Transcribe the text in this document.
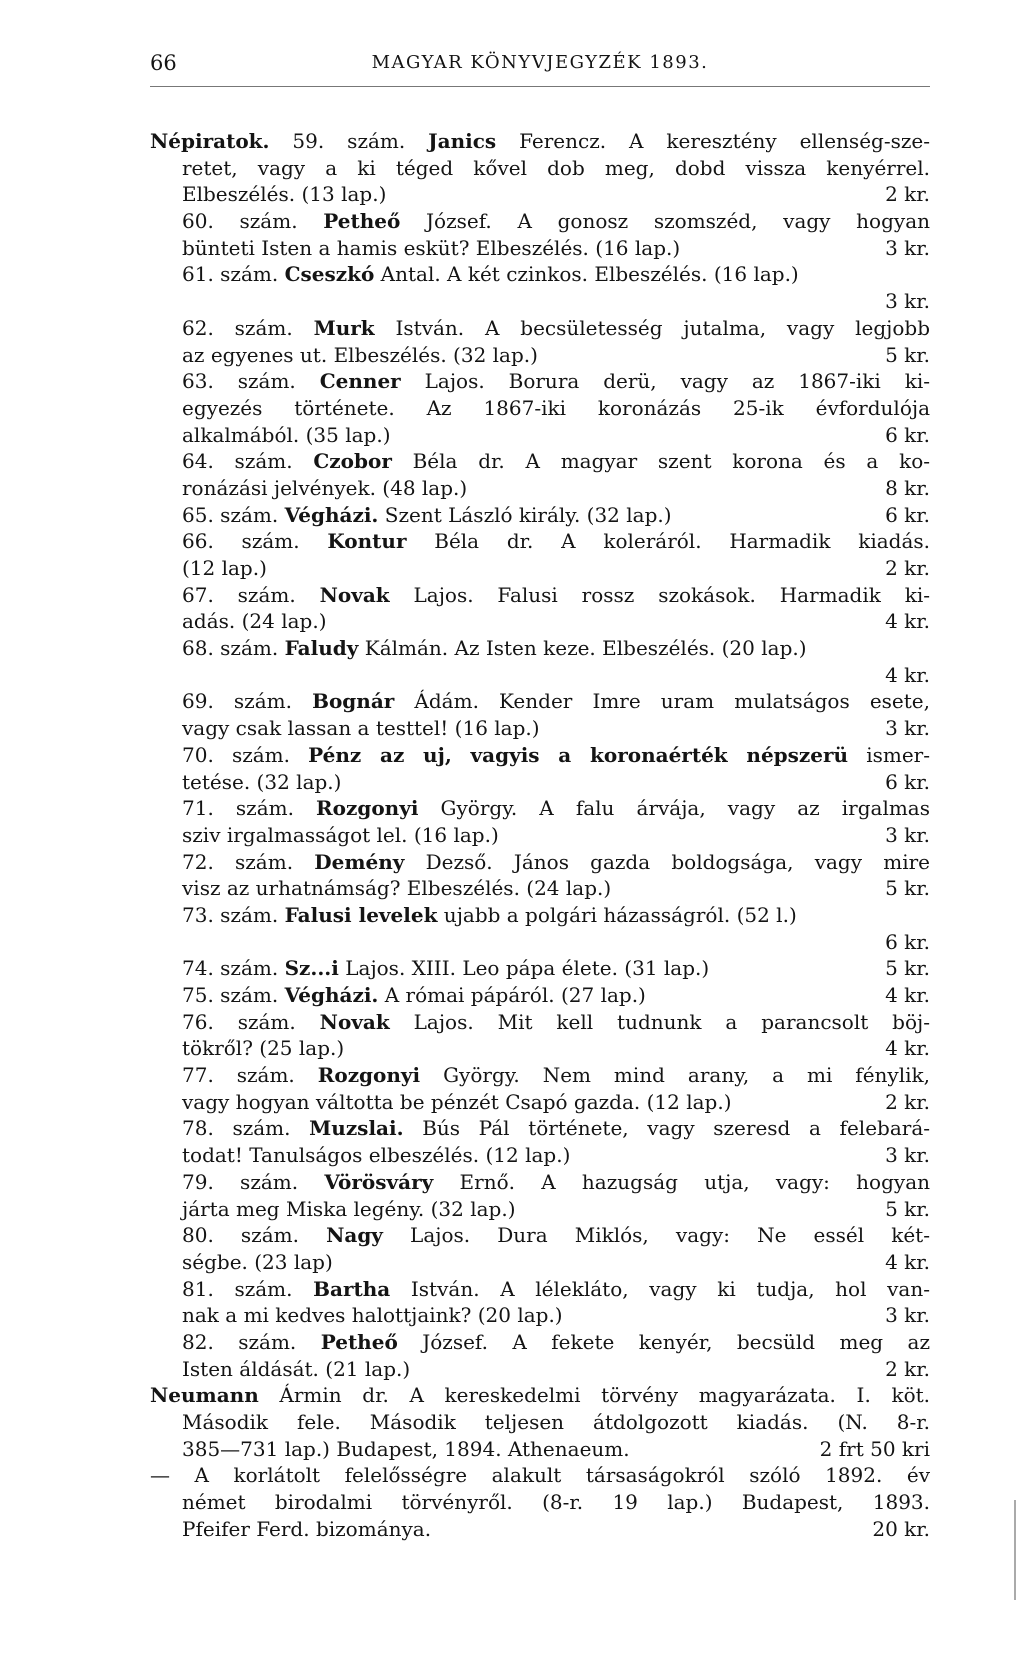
66	MAGYAR KÖNYVJEGYZÉK 1893.
Népiratok. 59. szám. Janics Ferencz. A keresztény ellenség-sze-
retet, vagy a ki téged kővel dob meg, dobd vissza kenyérrel.
Elbeszélés. (13 lap.)	2 kr.
60. szám. Petheő József. A gonosz szomszéd, vagy hogyan
bünteti Isten a hamis esküt? Elbeszélés. (16 lap.)	3 kr.
61. szám. Cseszkó Antal. A két czinkos. Elbeszélés. (16 lap.)
3 kr.
62. szám. Murk István. A becsületesség jutalma, vagy legjobb
az egyenes ut. Elbeszélés. (32 lap.)	5 kr.
63. szám. Cenner Lajos. Borura derü, vagy az 1867-iki ki-
egyezés története. Az 1867-iki koronázás 25-ik évfordulója
alkalmából. (35 lap.)	6 kr.
64. szám. Czobor Béla dr. A magyar szent korona és a ko-
ronázási jelvények. (48 lap.)	8 kr.
65. szám. Végházi. Szent László király. (32 lap.)	6 kr.
66. szám. Kontur Béla dr. A koleráról. Harmadik kiadás.
(12 lap.)	2 kr.
67. szám. Novak Lajos. Falusi rossz szokások. Harmadik ki-
adás. (24 lap.)	4 kr.
68. szám. Faludy Kálmán. Az Isten keze. Elbeszélés. (20 lap.)
4 kr.
69. szám. Bognár Ádám. Kender Imre uram mulatságos esete,
vagy csak lassan a testtel! (16 lap.)	3 kr.
70. szám. Pénz az uj, vagyis a koronaérték népszerü ismer-
tetése. (32 lap.)	6 kr.
71. szám. Rozgonyi György. A falu árvája, vagy az irgalmas
sziv irgalmasságot lel. (16 lap.)	3 kr.
72. szám. Demény Dezső. János gazda boldogsága, vagy mire
visz az urhatnámság? Elbeszélés. (24 lap.)	5 kr.
73. szám. Falusi levelek ujabb a polgári házasságról. (52 l.)
6 kr.
74. szám. Sz...i Lajos. XIII. Leo pápa élete. (31 lap.)	5 kr.
75. szám. Végházi. A római pápáról. (27 lap.)	4 kr.
76. szám. Novak Lajos. Mit kell tudnunk a parancsolt böj-
tökről? (25 lap.)	4 kr.
77. szám. Rozgonyi György. Nem mind arany, a mi fénylik,
vagy hogyan váltotta be pénzét Csapó gazda. (12 lap.)	2 kr.
78. szám. Muzslai. Bús Pál története, vagy szeresd a felebará-
todat! Tanulságos elbeszélés. (12 lap.)	3 kr.
79. szám. Vörösváry Ernő. A hazugság utja, vagy: hogyan
járta meg Miska legény. (32 lap.)	5 kr.
80. szám. Nagy Lajos. Dura Miklós, vagy: Ne essél két-
ségbe. (23 lap)	4 kr.
81. szám. Bartha István. A lélekláto, vagy ki tudja, hol van-
nak a mi kedves halottjaink? (20 lap.)	3 kr.
82. szám. Petheő József. A fekete kenyér, becsüld meg az
Isten áldását. (21 lap.)	2 kr.
Neumann Ármin dr. A kereskedelmi törvény magyarázata. I. köt.
Második fele. Második teljesen átdolgozott kiadás. (N. 8-r.
385—731 lap.) Budapest, 1894. Athenaeum.	2 frt 50 kri
— A korlátolt felelősségre alakult társaságokról szóló 1892. év
német birodalmi törvényről. (8-r. 19 lap.) Budapest, 1893.
Pfeifer Ferd. bizománya.	20 kr.
